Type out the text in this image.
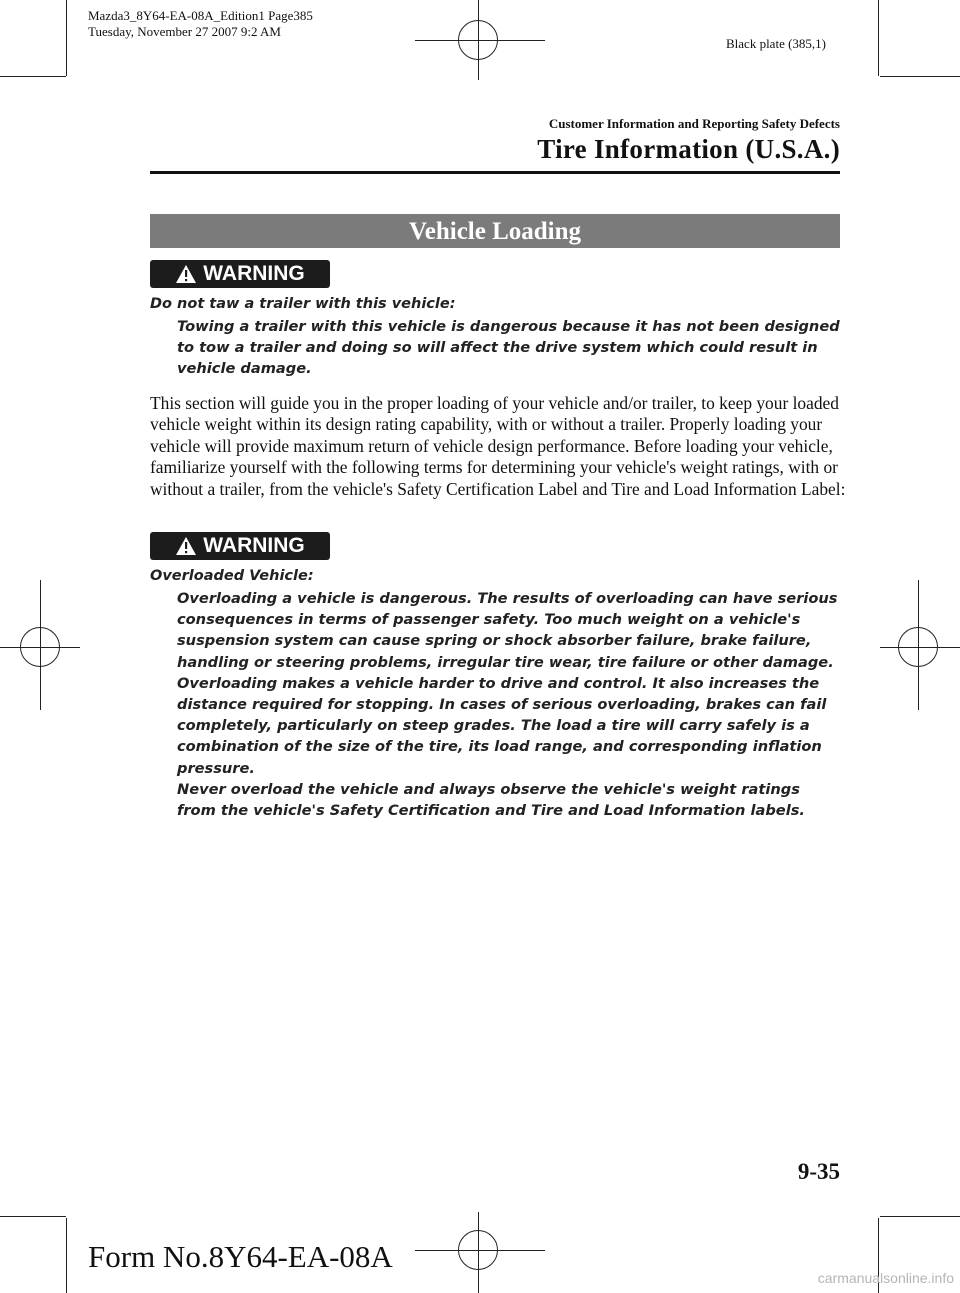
Mazda3_8Y64-EA-08A_Edition1 Page385
Tuesday, November 27 2007 9:2 AM
Black plate (385,1)
Customer Information and Reporting Safety Defects
Tire Information (U.S.A.)
Vehicle Loading
WARNING
Do not taw a trailer with this vehicle:

Towing a trailer with this vehicle is dangerous because it has not been designed to tow a trailer and doing so will affect the drive system which could result in vehicle damage.

This section will guide you in the proper loading of your vehicle and/or trailer, to keep your loaded vehicle weight within its design rating capability, with or without a trailer. Properly loading your vehicle will provide maximum return of vehicle design performance. Before loading your vehicle, familiarize yourself with the following terms for determining your vehicle's weight ratings, with or without a trailer, from the vehicle's Safety Certification Label and Tire and Load Information Label:

WARNING
Overloaded Vehicle:

Overloading a vehicle is dangerous. The results of overloading can have serious consequences in terms of passenger safety. Too much weight on a vehicle's suspension system can cause spring or shock absorber failure, brake failure, handling or steering problems, irregular tire wear, tire failure or other damage. Overloading makes a vehicle harder to drive and control. It also increases the distance required for stopping. In cases of serious overloading, brakes can fail completely, particularly on steep grades. The load a tire will carry safely is a combination of the size of the tire, its load range, and corresponding inflation pressure.

Never overload the vehicle and always observe the vehicle's weight ratings from the vehicle's Safety Certification and Tire and Load Information labels.

9-35
Form No.8Y64-EA-08A
carmanualsonline.info
